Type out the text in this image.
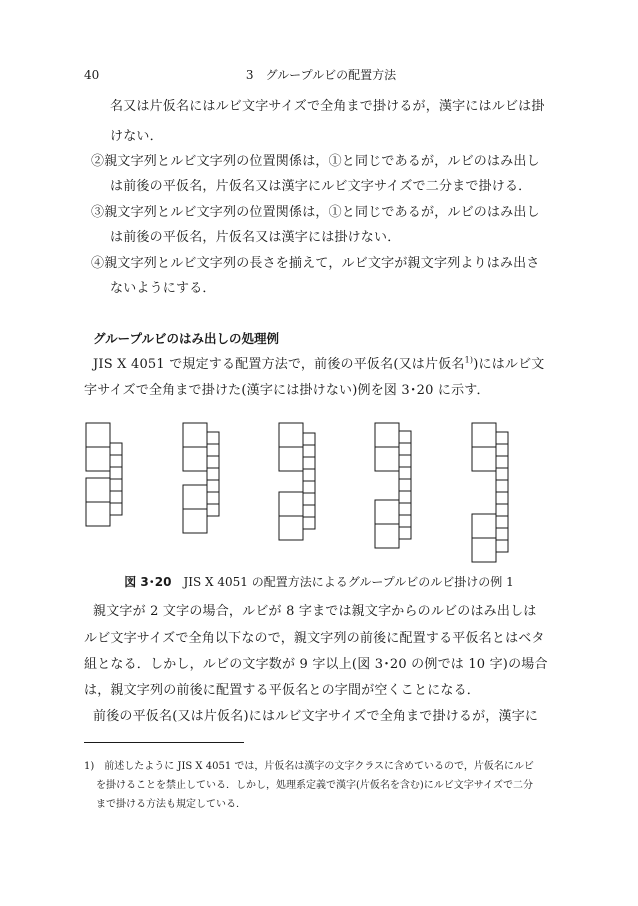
40	3　グループルビの配置方法
名又は片仮名にはルビ文字サイズで全角まで掛けるが，漢字にはルビは掛
けない．
②親文字列とルビ文字列の位置関係は，①と同じであるが，ルビのはみ出し
は前後の平仮名，片仮名又は漢字にルビ文字サイズで二分まで掛ける．
③親文字列とルビ文字列の位置関係は，①と同じであるが，ルビのはみ出し
は前後の平仮名，片仮名又は漢字には掛けない．
④親文字列とルビ文字列の長さを揃えて，ルビ文字が親文字列よりはみ出さ
ないようにする．
グループルビのはみ出しの処理例
JIS X 4051 で規定する配置方法で，前後の平仮名(又は片仮名$^{1)}$)にはルビ文
字サイズで全角まで掛けた(漢字には掛けない)例を図 3･20 に示す．
図 3･20 JIS X 4051 の配置方法によるグループルビのルビ掛けの例 1
親文字が 2 文字の場合，ルビが 8 字までは親文字からのルビのはみ出しは
ルビ文字サイズで全角以下なので，親文字列の前後に配置する平仮名とはベタ
組となる．しかし，ルビの文字数が 9 字以上(図 3･20 の例では 10 字)の場合
は，親文字列の前後に配置する平仮名との字間が空くことになる．
前後の平仮名(又は片仮名)にはルビ文字サイズで全角まで掛けるが，漢字に
1)　前述したように JIS X 4051 では，片仮名は漢字の文字クラスに含めているので，片仮名にルビ
を掛けることを禁止している．しかし，処理系定義で漢字(片仮名を含む)にルビ文字サイズで二分
まで掛ける方法も規定している．
